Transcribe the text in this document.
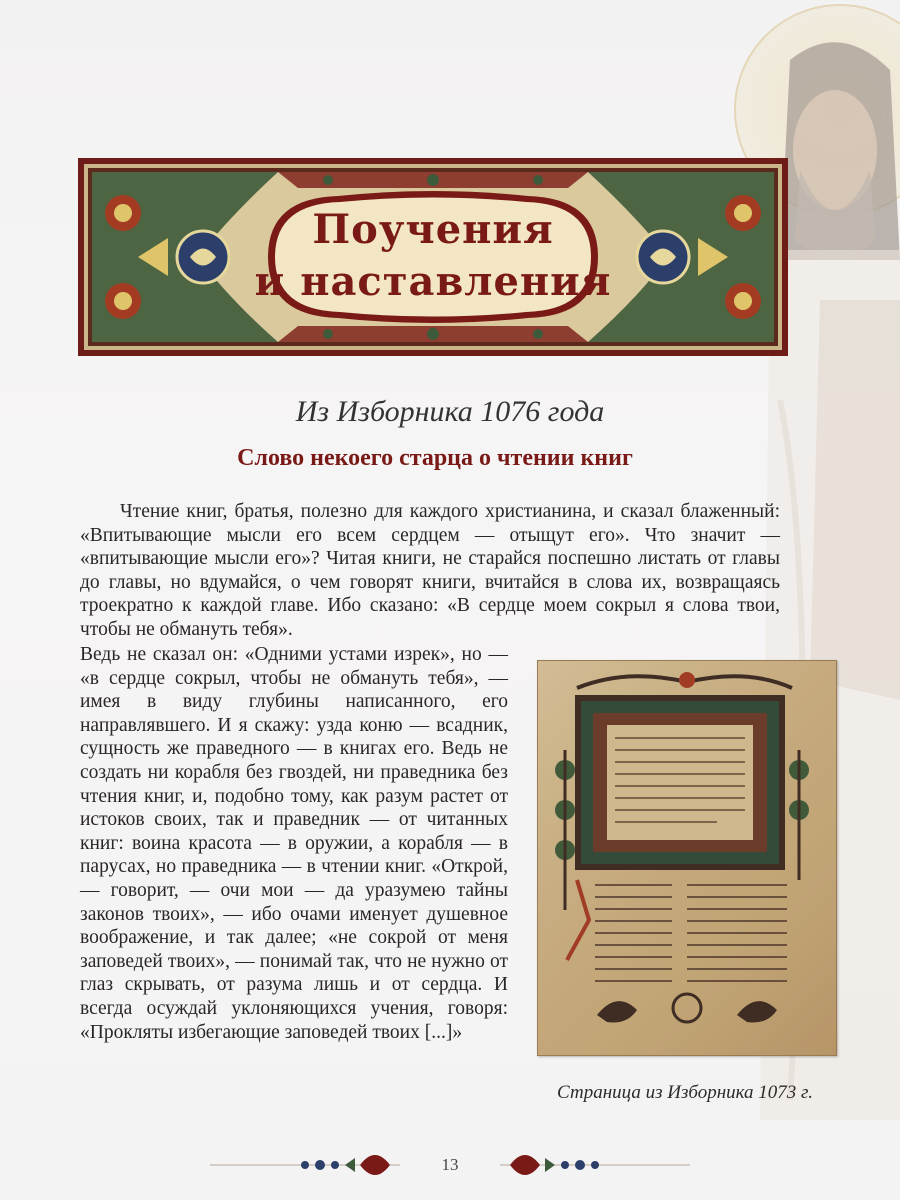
Поучения
и наставления
Из Изборника 1076 года
Слово некоего старца о чтении книг

Чтение книг, братья, полезно для каждого христианина, и сказал блаженный: «Впитывающие мысли его всем сердцем — отыщут его». Что значит — «впитывающие мысли его»? Читая книги, не старайся поспешно листать от главы до главы, но вдумайся, о чем говорят книги, вчитайся в слова их, возвращаясь троекратно к каждой главе. Ибо сказано: «В сердце моем сокрыл я слова твои, чтобы не обмануть тебя».

Ведь не сказал он: «Одними устами изрек», но — «в сердце сокрыл, чтобы не обмануть тебя», — имея в виду глубины написанного, его направлявшего. И я скажу: узда коню — всадник, сущность же праведного — в книгах его. Ведь не создать ни корабля без гвоздей, ни праведника без чтения книг, и, подобно тому, как разум растет от истоков своих, так и праведник — от читанных книг: воина красота — в оружии, а корабля — в парусах, но праведника — в чтении книг. «Открой, — говорит, — очи мои — да уразумею тайны законов твоих», — ибо очами именует душевное воображение, и так далее; «не сокрой от меня заповедей твоих», — понимай так, что не нужно от глаз скрывать, от разума лишь и от сердца. И всегда осуждай уклоняющихся учения, говоря: «Прокляты избегающие заповедей твоих [...]»

Страница из Изборника 1073 г.
13
